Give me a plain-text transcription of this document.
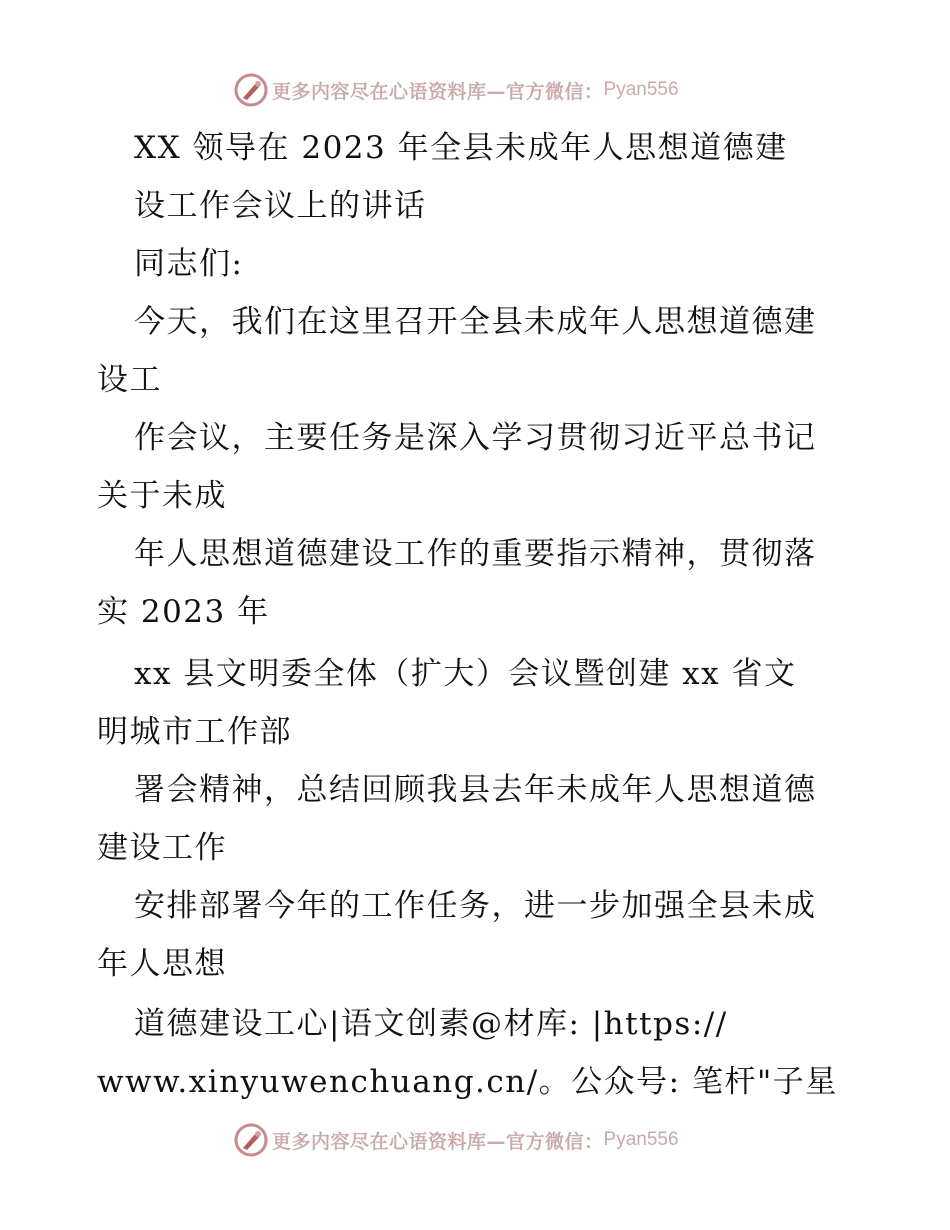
更多内容尽在心语资料库—官方微信： Pyan556
XX 领导在 2023 年全县未成年人思想道德建
设工作会议上的讲话
同志们:
今天，我们在这里召开全县未成年人思想道德建
设工
作会议，主要任务是深入学习贯彻习近平总书记
关于未成
年人思想道德建设工作的重要指示精神，贯彻落
实 2023 年
xx 县文明委全体（扩大）会议暨创建 xx 省文
明城市工作部
署会精神，总结回顾我县去年未成年人思想道德
建设工作
安排部署今年的工作任务，进一步加强全县未成
年人思想
道德建设工心|语文创素@材库: |https://
www.xinyuwenchuang.cn/。公众号: 笔杆"子星
更多内容尽在心语资料库—官方微信： Pyan556
